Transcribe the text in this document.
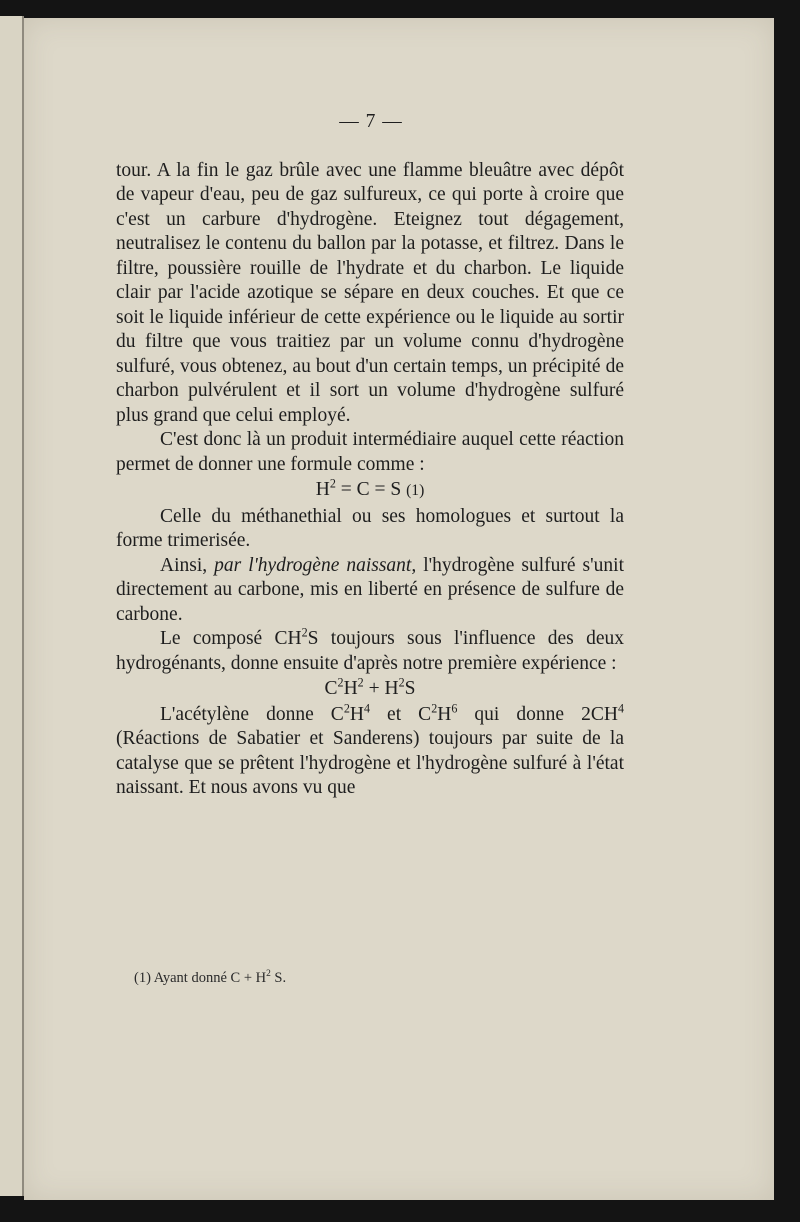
— 7 —

tour. A la fin le gaz brûle avec une flamme bleuâtre avec dépôt de vapeur d'eau, peu de gaz sulfureux, ce qui porte à croire que c'est un carbure d'hydrogène. Eteignez tout dégagement, neutralisez le contenu du ballon par la potasse, et filtrez. Dans le filtre, poussière rouille de l'hydrate et du charbon. Le liquide clair par l'acide azotique se sépare en deux couches. Et que ce soit le liquide inférieur de cette expérience ou le liquide au sortir du filtre que vous traitiez par un volume connu d'hydrogène sulfuré, vous obtenez, au bout d'un certain temps, un précipité de charbon pulvérulent et il sort un volume d'hydrogène sulfuré plus grand que celui employé.

C'est donc là un produit intermédiaire auquel cette réaction permet de donner une formule comme :

$H^2 = C = S$ (1)

Celle du méthanethial ou ses homologues et surtout la forme trimerisée.

Ainsi, par l'hydrogène naissant, l'hydrogène sulfuré s'unit directement au carbone, mis en liberté en présence de sulfure de carbone.

Le composé $CH^2S$ toujours sous l'influence des deux hydrogénants, donne ensuite d'après notre première expérience :

$C^2H^2 + H^2S$

L'acétylène donne $C^2H^4$ et $C^2H^6$ qui donne $2CH^4$ (Réactions de Sabatier et Sanderens) toujours par suite de la catalyse que se prêtent l'hydrogène et l'hydrogène sulfuré à l'état naissant. Et nous avons vu que

(1) Ayant donné $C + H^2$ S.
